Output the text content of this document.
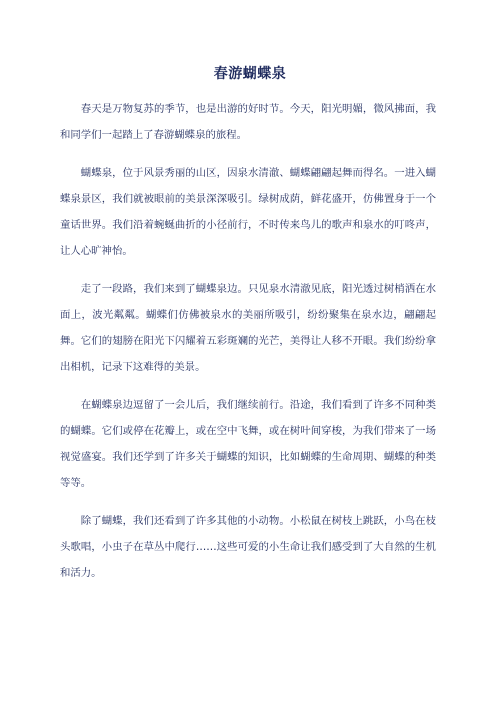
春游蝴蝶泉

春天是万物复苏的季节，也是出游的好时节。今天，阳光明媚，微风拂面，我和同学们一起踏上了春游蝴蝶泉的旅程。

蝴蝶泉，位于风景秀丽的山区，因泉水清澈、蝴蝶翩翩起舞而得名。一进入蝴蝶泉景区，我们就被眼前的美景深深吸引。绿树成荫，鲜花盛开，仿佛置身于一个童话世界。我们沿着蜿蜒曲折的小径前行，不时传来鸟儿的歌声和泉水的叮咚声，让人心旷神怡。

走了一段路，我们来到了蝴蝶泉边。只见泉水清澈见底，阳光透过树梢洒在水面上，波光粼粼。蝴蝶们仿佛被泉水的美丽所吸引，纷纷聚集在泉水边，翩翩起舞。它们的翅膀在阳光下闪耀着五彩斑斓的光芒，美得让人移不开眼。我们纷纷拿出相机，记录下这难得的美景。

在蝴蝶泉边逗留了一会儿后，我们继续前行。沿途，我们看到了许多不同种类的蝴蝶。它们或停在花瓣上，或在空中飞舞，或在树叶间穿梭，为我们带来了一场视觉盛宴。我们还学到了许多关于蝴蝶的知识，比如蝴蝶的生命周期、蝴蝶的种类等等。

除了蝴蝶，我们还看到了许多其他的小动物。小松鼠在树枝上跳跃，小鸟在枝头歌唱，小虫子在草丛中爬行……这些可爱的小生命让我们感受到了大自然的生机和活力。
